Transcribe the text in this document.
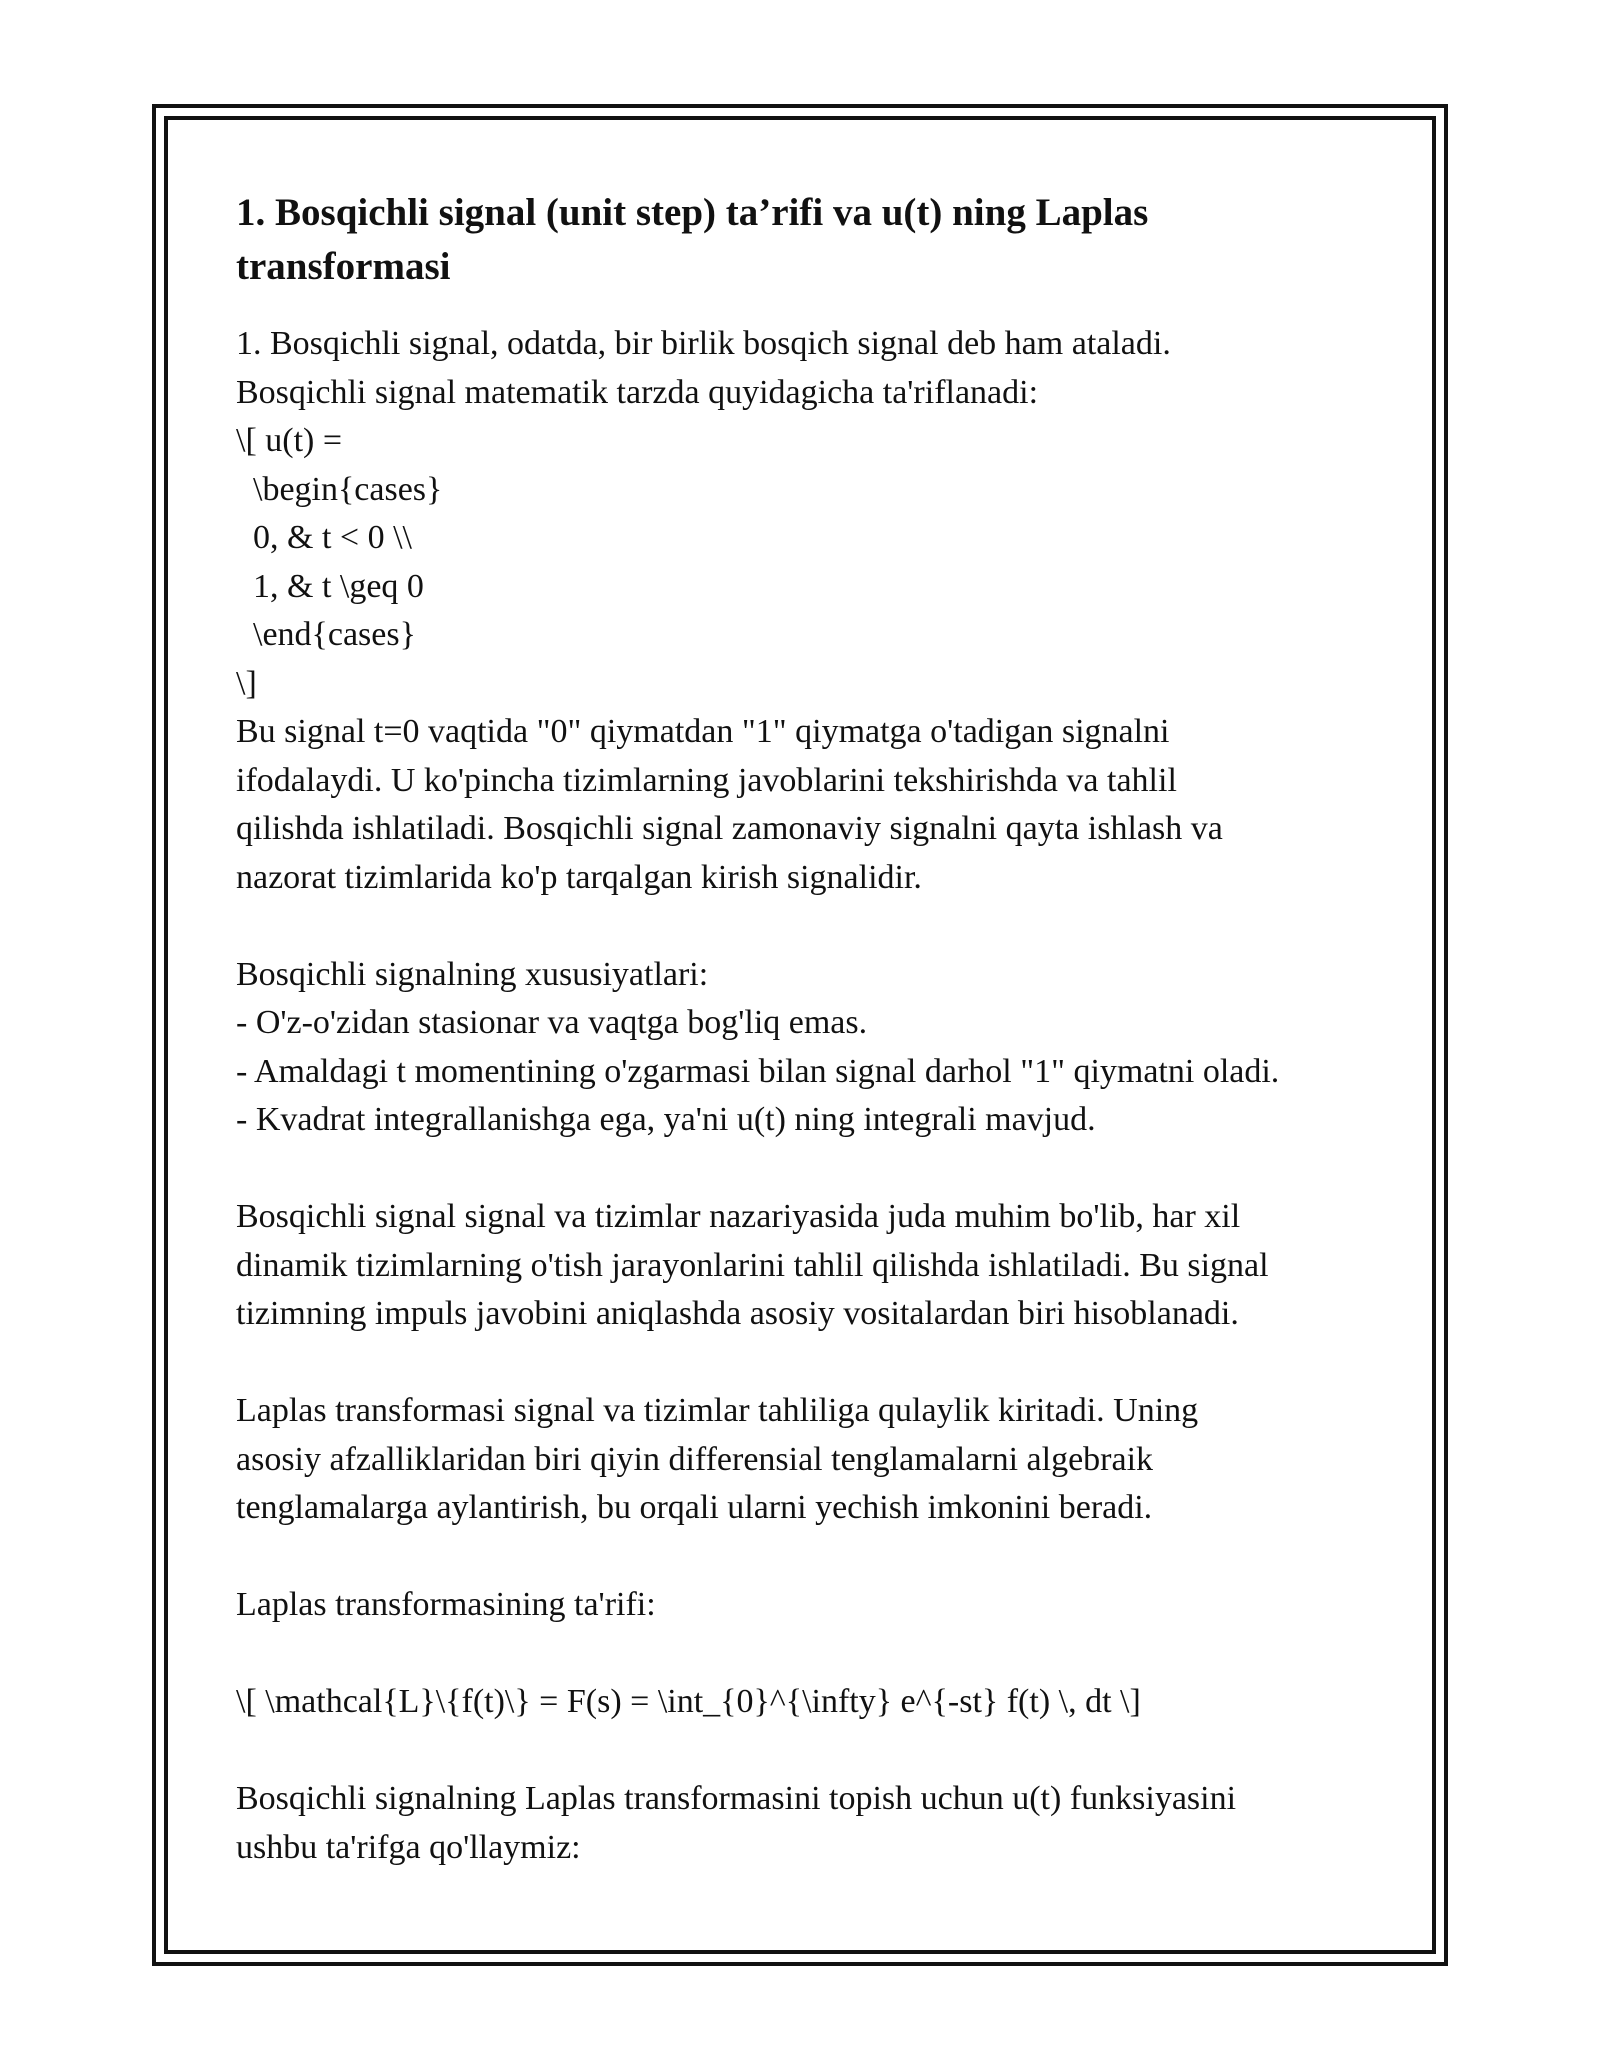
1. Bosqichli signal (unit step) ta’rifi va u(t) ning Laplas
transformasi
1. Bosqichli signal, odatda, bir birlik bosqich signal deb ham ataladi.
Bosqichli signal matematik tarzda quyidagicha ta'riflanadi:
\[ u(t) =
\begin{cases}
0, & t < 0 \\
1, & t \geq 0
\end{cases}
\]
Bu signal t=0 vaqtida "0" qiymatdan "1" qiymatga o'tadigan signalni
ifodalaydi. U ko'pincha tizimlarning javoblarini tekshirishda va tahlil
qilishda ishlatiladi. Bosqichli signal zamonaviy signalni qayta ishlash va
nazorat tizimlarida ko'p tarqalgan kirish signalidir.
Bosqichli signalning xususiyatlari:
- O'z-o'zidan stasionar va vaqtga bog'liq emas.
- Amaldagi t momentining o'zgarmasi bilan signal darhol "1" qiymatni oladi.
- Kvadrat integrallanishga ega, ya'ni u(t) ning integrali mavjud.
Bosqichli signal signal va tizimlar nazariyasida juda muhim bo'lib, har xil
dinamik tizimlarning o'tish jarayonlarini tahlil qilishda ishlatiladi. Bu signal
tizimning impuls javobini aniqlashda asosiy vositalardan biri hisoblanadi.
Laplas transformasi signal va tizimlar tahliliga qulaylik kiritadi. Uning
asosiy afzalliklaridan biri qiyin differensial tenglamalarni algebraik
tenglamalarga aylantirish, bu orqali ularni yechish imkonini beradi.
Laplas transformasining ta'rifi:
\[ \mathcal{L}\{f(t)\} = F(s) = \int_{0}^{\infty} e^{-st} f(t) \, dt \]
Bosqichli signalning Laplas transformasini topish uchun u(t) funksiyasini
ushbu ta'rifga qo'llaymiz:
